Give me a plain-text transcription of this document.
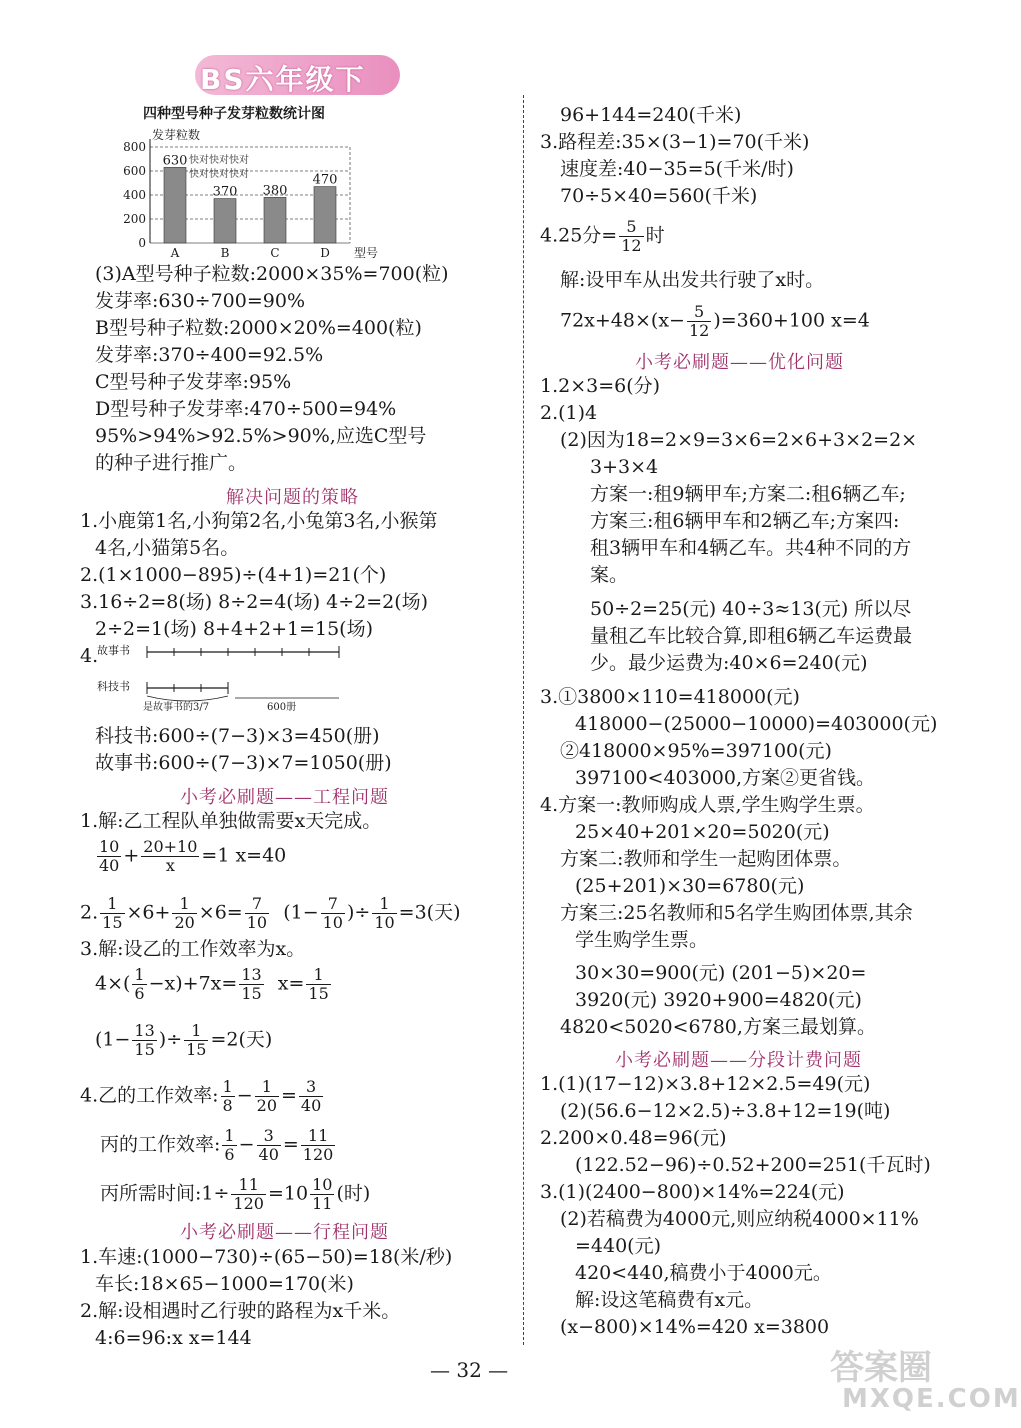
BS六年级下
四种型号种子发芽粒数统计图
800
600
400
200
0
发芽粒数
630
A
370
B
380
C
470
D 型号
快对快对快对
快对快对快对
(3)A型号种子粒数:2000×35%=700(粒)
发芽率:630÷700=90%
B型号种子粒数:2000×20%=400(粒)
发芽率:370÷400=92.5%
C型号种子发芽率:95%
D型号种子发芽率:470÷500=94%
95%>94%>92.5%>90%,应选C型号
的种子进行推广。
解决问题的策略
1.小鹿第1名,小狗第2名,小兔第3名,小猴第
4名,小猫第5名。
2.(1×1000−895)÷(4+1)=21(个)
3.16÷2=8(场) 8÷2=4(场) 4÷2=2(场)
2÷2=1(场) 8+4+2+1=15(场)
4.
故事书
科技书
是故事书的3/7	600册
科技书:600÷(7−3)×3=450(册)
故事书:600÷(7−3)×7=1050(册)
小考必刷题——工程问题
1.解:乙工程队单独做需要x天完成。
$\frac{10}{40} + \frac{20+10}{x} =1$ x=40
2. $\frac{1}{15} \times 6+ \frac{1}{20} \times 6= \frac{7}{10} (1- \frac{7}{10}$ )÷ $\frac{1}{10} =3$(天)
3.解:设乙的工作效率为x。
$4\times( \frac{1}{6} -x)+7x= \frac{13}{15} x= \frac{1}{15}$
($1- \frac{13}{15}$ )÷ $\frac{1}{15} =2$(天)
4.乙的工作效率: $\frac{1}{8} - \frac{1}{20} = \frac{3}{40}$
丙的工作效率: $\frac{1}{6} - \frac{3}{40} = \frac{11}{120}$
丙所需时间:1÷ $\frac{11}{120} =10 \frac{10}{11}$ (时)
小考必刷题——行程问题
1.车速:(1000−730)÷(65−50)=18(米/秒)
车长:18×65−1000=170(米)
2.解:设相遇时乙行驶的路程为x千米。
4:6=96:x x=144
96+144=240(千米)
3.路程差:35×(3−1)=70(千米)
速度差:40−35=5(千米/时)
70÷5×40=560(千米)
4.25分= $\frac{5}{12}$ 时
解:设甲车从出发共行驶了x时。
$72x+48\times(x- \frac{5}{12} )=360+100$ x=4
小考必刷题——优化问题
1.2×3=6(分)
2.(1)4
(2)因为18=2×9=3×6=2×6+3×2=2×
3+3×4
方案一:租9辆甲车;方案二:租6辆乙车;
方案三:租6辆甲车和2辆乙车;方案四:
租3辆甲车和4辆乙车。共4种不同的方
案。
50÷2=25(元) 40÷3≈13(元) 所以尽
量租乙车比较合算,即租6辆乙车运费最
少。最少运费为:40×6=240(元)
3.①3800×110=418000(元)
418000−(25000−10000)=403000(元)
②418000×95%=397100(元)
397100<403000,方案②更省钱。
4.方案一:教师购成人票,学生购学生票。
25×40+201×20=5020(元)
方案二:教师和学生一起购团体票。
(25+201)×30=6780(元)
方案三:25名教师和5名学生购团体票,其余
学生购学生票。
30×30=900(元) (201−5)×20=
3920(元) 3920+900=4820(元)
4820<5020<6780,方案三最划算。
小考必刷题——分段计费问题
1.(1)(17−12)×3.8+12×2.5=49(元)
(2)(56.6−12×2.5)÷3.8+12=19(吨)
2.200×0.48=96(元)
(122.52−96)÷0.52+200=251(千瓦时)
3.(1)(2400−800)×14%=224(元)
(2)若稿费为4000元,则应纳税4000×11%
=440(元)
420<440,稿费小于4000元。
解:设这笔稿费有x元。
(x−800)×14%=420 x=3800
— 32 —	答案圈
MXQE.COM
